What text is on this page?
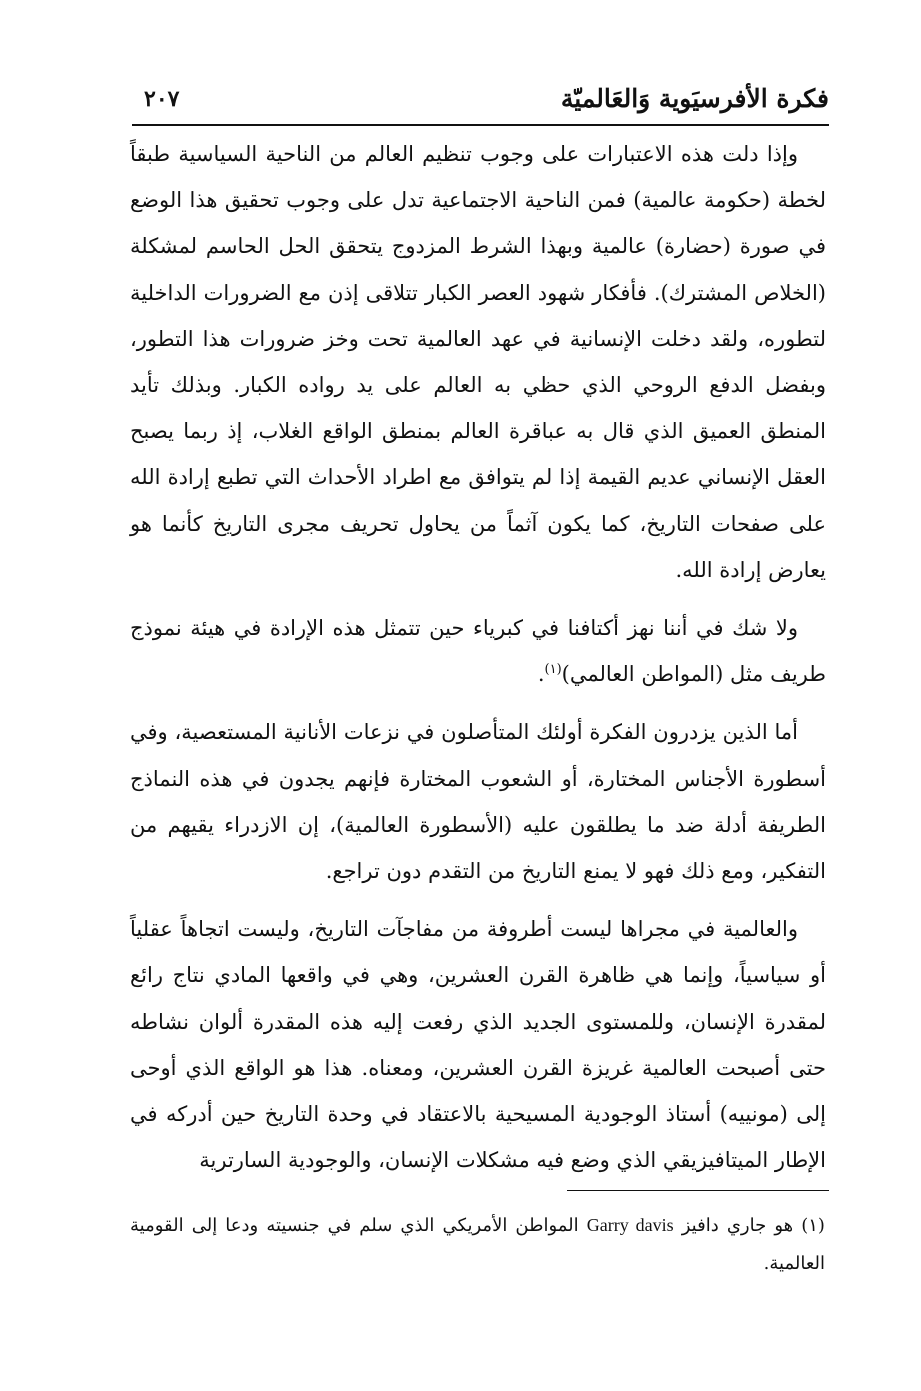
فكرة الأفرسيَوية وَالعَالميّة
٢٠٧

وإذا دلت هذه الاعتبارات على وجوب تنظيم العالم من الناحية السياسية طبقاً لخطة (حكومة عالمية) فمن الناحية الاجتماعية تدل على وجوب تحقيق هذا الوضع في صورة (حضارة) عالمية وبهذا الشرط المزدوج يتحقق الحل الحاسم لمشكلة (الخلاص المشترك). فأفكار شهود العصر الكبار تتلاقى إذن مع الضرورات الداخلية لتطوره، ولقد دخلت الإنسانية في عهد العالمية تحت وخز ضرورات هذا التطور، وبفضل الدفع الروحي الذي حظي به العالم على يد رواده الكبار. وبذلك تأيد المنطق العميق الذي قال به عباقرة العالم بمنطق الواقع الغلاب، إذ ربما يصبح العقل الإنساني عديم القيمة إذا لم يتوافق مع اطراد الأحداث التي تطبع إرادة الله على صفحات التاريخ، كما يكون آثماً من يحاول تحريف مجرى التاريخ كأنما هو يعارض إرادة الله.

ولا شك في أننا نهز أكتافنا في كبرياء حين تتمثل هذه الإرادة في هيئة نموذج طريف مثل (المواطن العالمي)$^{(١)}$.

أما الذين يزدرون الفكرة أولئك المتأصلون في نزعات الأنانية المستعصية، وفي أسطورة الأجناس المختارة، أو الشعوب المختارة فإنهم يجدون في هذه النماذج الطريفة أدلة ضد ما يطلقون عليه (الأسطورة العالمية)، إن الازدراء يقيهم من التفكير، ومع ذلك فهو لا يمنع التاريخ من التقدم دون تراجع.

والعالمية في مجراها ليست أطروفة من مفاجآت التاريخ، وليست اتجاهاً عقلياً أو سياسياً، وإنما هي ظاهرة القرن العشرين، وهي في واقعها المادي نتاج رائع لمقدرة الإنسان، وللمستوى الجديد الذي رفعت إليه هذه المقدرة ألوان نشاطه حتى أصبحت العالمية غريزة القرن العشرين، ومعناه. هذا هو الواقع الذي أوحى إلى (مونييه) أستاذ الوجودية المسيحية بالاعتقاد في وحدة التاريخ حين أدركه في الإطار الميتافيزيقي الذي وضع فيه مشكلات الإنسان، والوجودية السارترية

(١) هو جاري دافيز Garry davis المواطن الأمريكي الذي سلم في جنسيته ودعا إلى القومية العالمية.
